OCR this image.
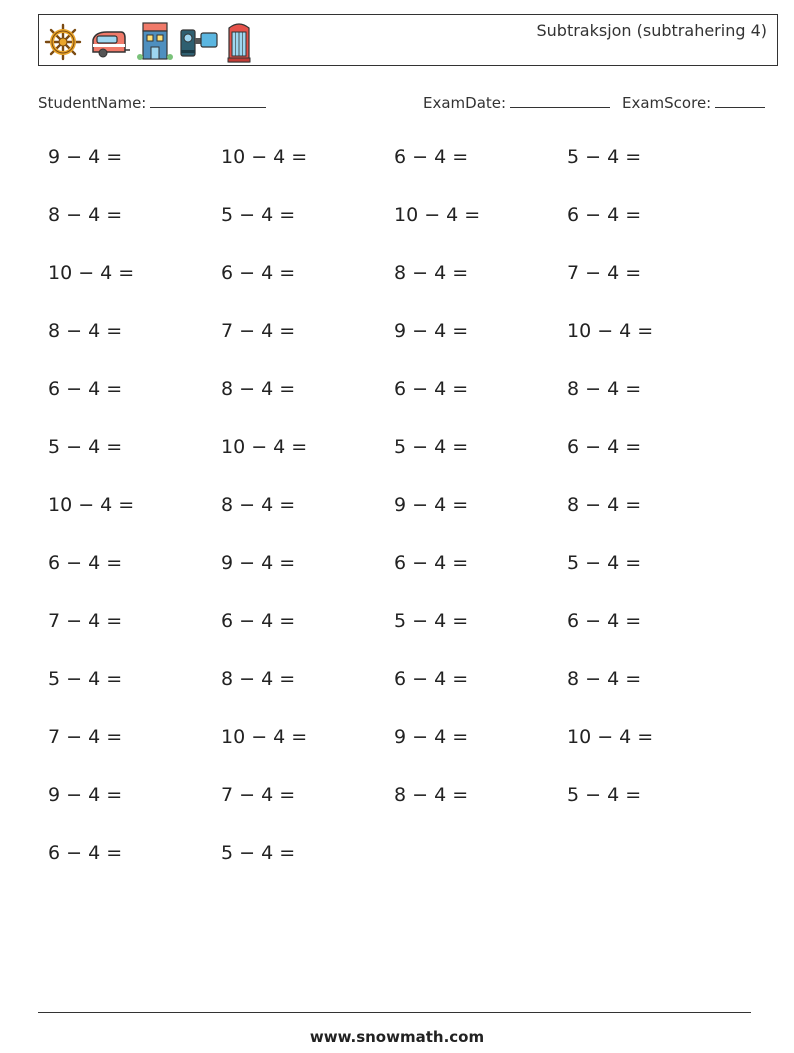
Subtraksjon (subtrahering 4)
StudentName:	ExamDate:	ExamScore:
9 − 4 =	10 − 4 =	6 − 4 =	5 − 4 =
8 − 4 =	5 − 4 =	10 − 4 =	6 − 4 =
10 − 4 =	6 − 4 =	8 − 4 =	7 − 4 =
8 − 4 =	7 − 4 =	9 − 4 =	10 − 4 =
6 − 4 =	8 − 4 =	6 − 4 =	8 − 4 =
5 − 4 =	10 − 4 =	5 − 4 =	6 − 4 =
10 − 4 =	8 − 4 =	9 − 4 =	8 − 4 =
6 − 4 =	9 − 4 =	6 − 4 =	5 − 4 =
7 − 4 =	6 − 4 =	5 − 4 =	6 − 4 =
5 − 4 =	8 − 4 =	6 − 4 =	8 − 4 =
7 − 4 =	10 − 4 =	9 − 4 =	10 − 4 =
9 − 4 =	7 − 4 =	8 − 4 =	5 − 4 =
6 − 4 =	5 − 4 =
www.snowmath.com
